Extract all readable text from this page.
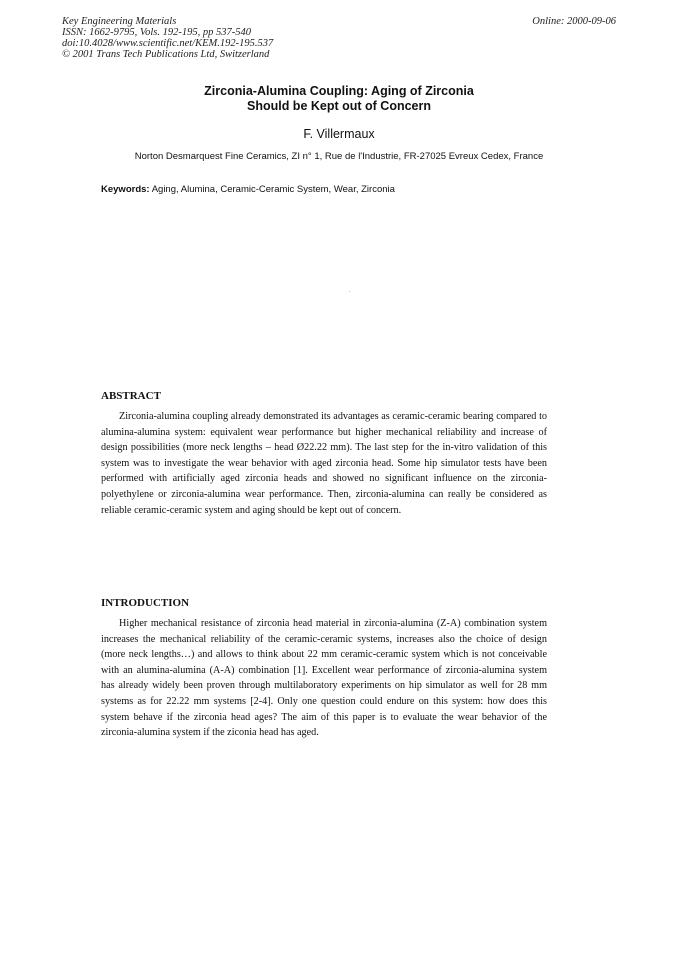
Key Engineering Materials
ISSN: 1662-9795, Vols. 192-195, pp 537-540
doi:10.4028/www.scientific.net/KEM.192-195.537
© 2001 Trans Tech Publications Ltd, Switzerland
Online: 2000-09-06
Zirconia-Alumina Coupling: Aging of Zirconia
Should be Kept out of Concern
F. Villermaux
Norton Desmarquest Fine Ceramics, ZI n° 1, Rue de l'Industrie, FR-27025 Evreux Cedex, France
Keywords: Aging, Alumina, Ceramic-Ceramic System, Wear, Zirconia
ABSTRACT

Zirconia-alumina coupling already demonstrated its advantages as ceramic-ceramic bearing compared to alumina-alumina system: equivalent wear performance but higher mechanical reliability and increase of design possibilities (more neck lengths – head Ø22.22 mm). The last step for the in-vitro validation of this system was to investigate the wear behavior with aged zirconia head. Some hip simulator tests have been performed with artificially aged zirconia heads and showed no significant influence on the zirconia-polyethylene or zirconia-alumina wear performance. Then, zirconia-alumina can really be considered as reliable ceramic-ceramic system and aging should be kept out of concern.

INTRODUCTION

Higher mechanical resistance of zirconia head material in zirconia-alumina (Z-A) combination system increases the mechanical reliability of the ceramic-ceramic systems, increases also the choice of design (more neck lengths…) and allows to think about 22 mm ceramic-ceramic system which is not conceivable with an alumina-alumina (A-A) combination [1]. Excellent wear performance of zirconia-alumina system has already widely been proven through multilaboratory experiments on hip simulator as well for 28 mm systems as for 22.22 mm systems [2-4]. Only one question could endure on this system: how does this system behave if the zirconia head ages? The aim of this paper is to evaluate the wear behavior of the zirconia-alumina system if the ziconia head has aged.
